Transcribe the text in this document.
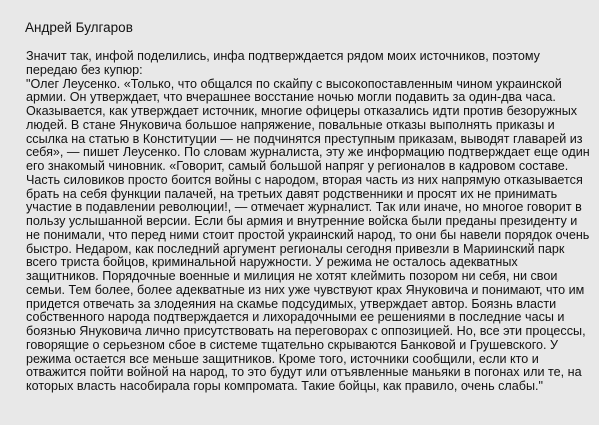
Андрей Булгаров
Значит так, инфой поделились, инфа подтверждается рядом моих источников, поэтому
передаю без купюр:
"Олег Леусенко. «Только, что общался по скайпу с высокопоставленным чином украинской
армии. Он утверждает, что вчерашнее восстание ночью могли подавить за один-два часа.
Оказывается, как утверждает источник, многие офицеры отказались идти против безоружных
людей. В стане Януковича большое напряжение, повальные отказы выполнять приказы и
ссылка на статью в Конституции — не подчинятся преступным приказам, выводят главарей из
себя», — пишет Леусенко. По словам журналиста, эту же информацию подтверждает еще один
его знакомый чиновник. «Говорит, самый большой напряг у регионалов в кадровом составе.
Часть силовиков просто боится войны с народом, вторая часть из них напрямую отказывается
брать на себя функции палачей, на третьих давят родственники и просят их не принимать
участие в подавлении революции!, — отмечает журналист. Так или иначе, но многое говорит в
пользу услышанной версии. Если бы армия и внутренние войска были преданы президенту и
не понимали, что перед ними стоит простой украинский народ, то они бы навели порядок очень
быстро. Недаром, как последний аргумент регионалы сегодня привезли в Мариинский парк
всего триста бойцов, криминальной наружности. У режима не осталось адекватных
защитников. Порядочные военные и милиция не хотят клеймить позором ни себя, ни свои
семьи. Тем более, более адекватные из них уже чувствуют крах Януковича и понимают, что им
придется отвечать за злодеяния на скамье подсудимых, утверждает автор. Боязнь власти
собственного народа подтверждается и лихорадочными ее решениями в последние часы и
боязнью Януковича лично присутствовать на переговорах с оппозицией. Но, все эти процессы,
говорящие о серьезном сбое в системе тщательно скрываются Банковой и Грушевского. У
режима остается все меньше защитников. Кроме того, источники сообщили, если кто и
отважится пойти войной на народ, то это будут или отъявленные маньяки в погонах или те, на
которых власть насобирала горы компромата. Такие бойцы, как правило, очень слабы."
